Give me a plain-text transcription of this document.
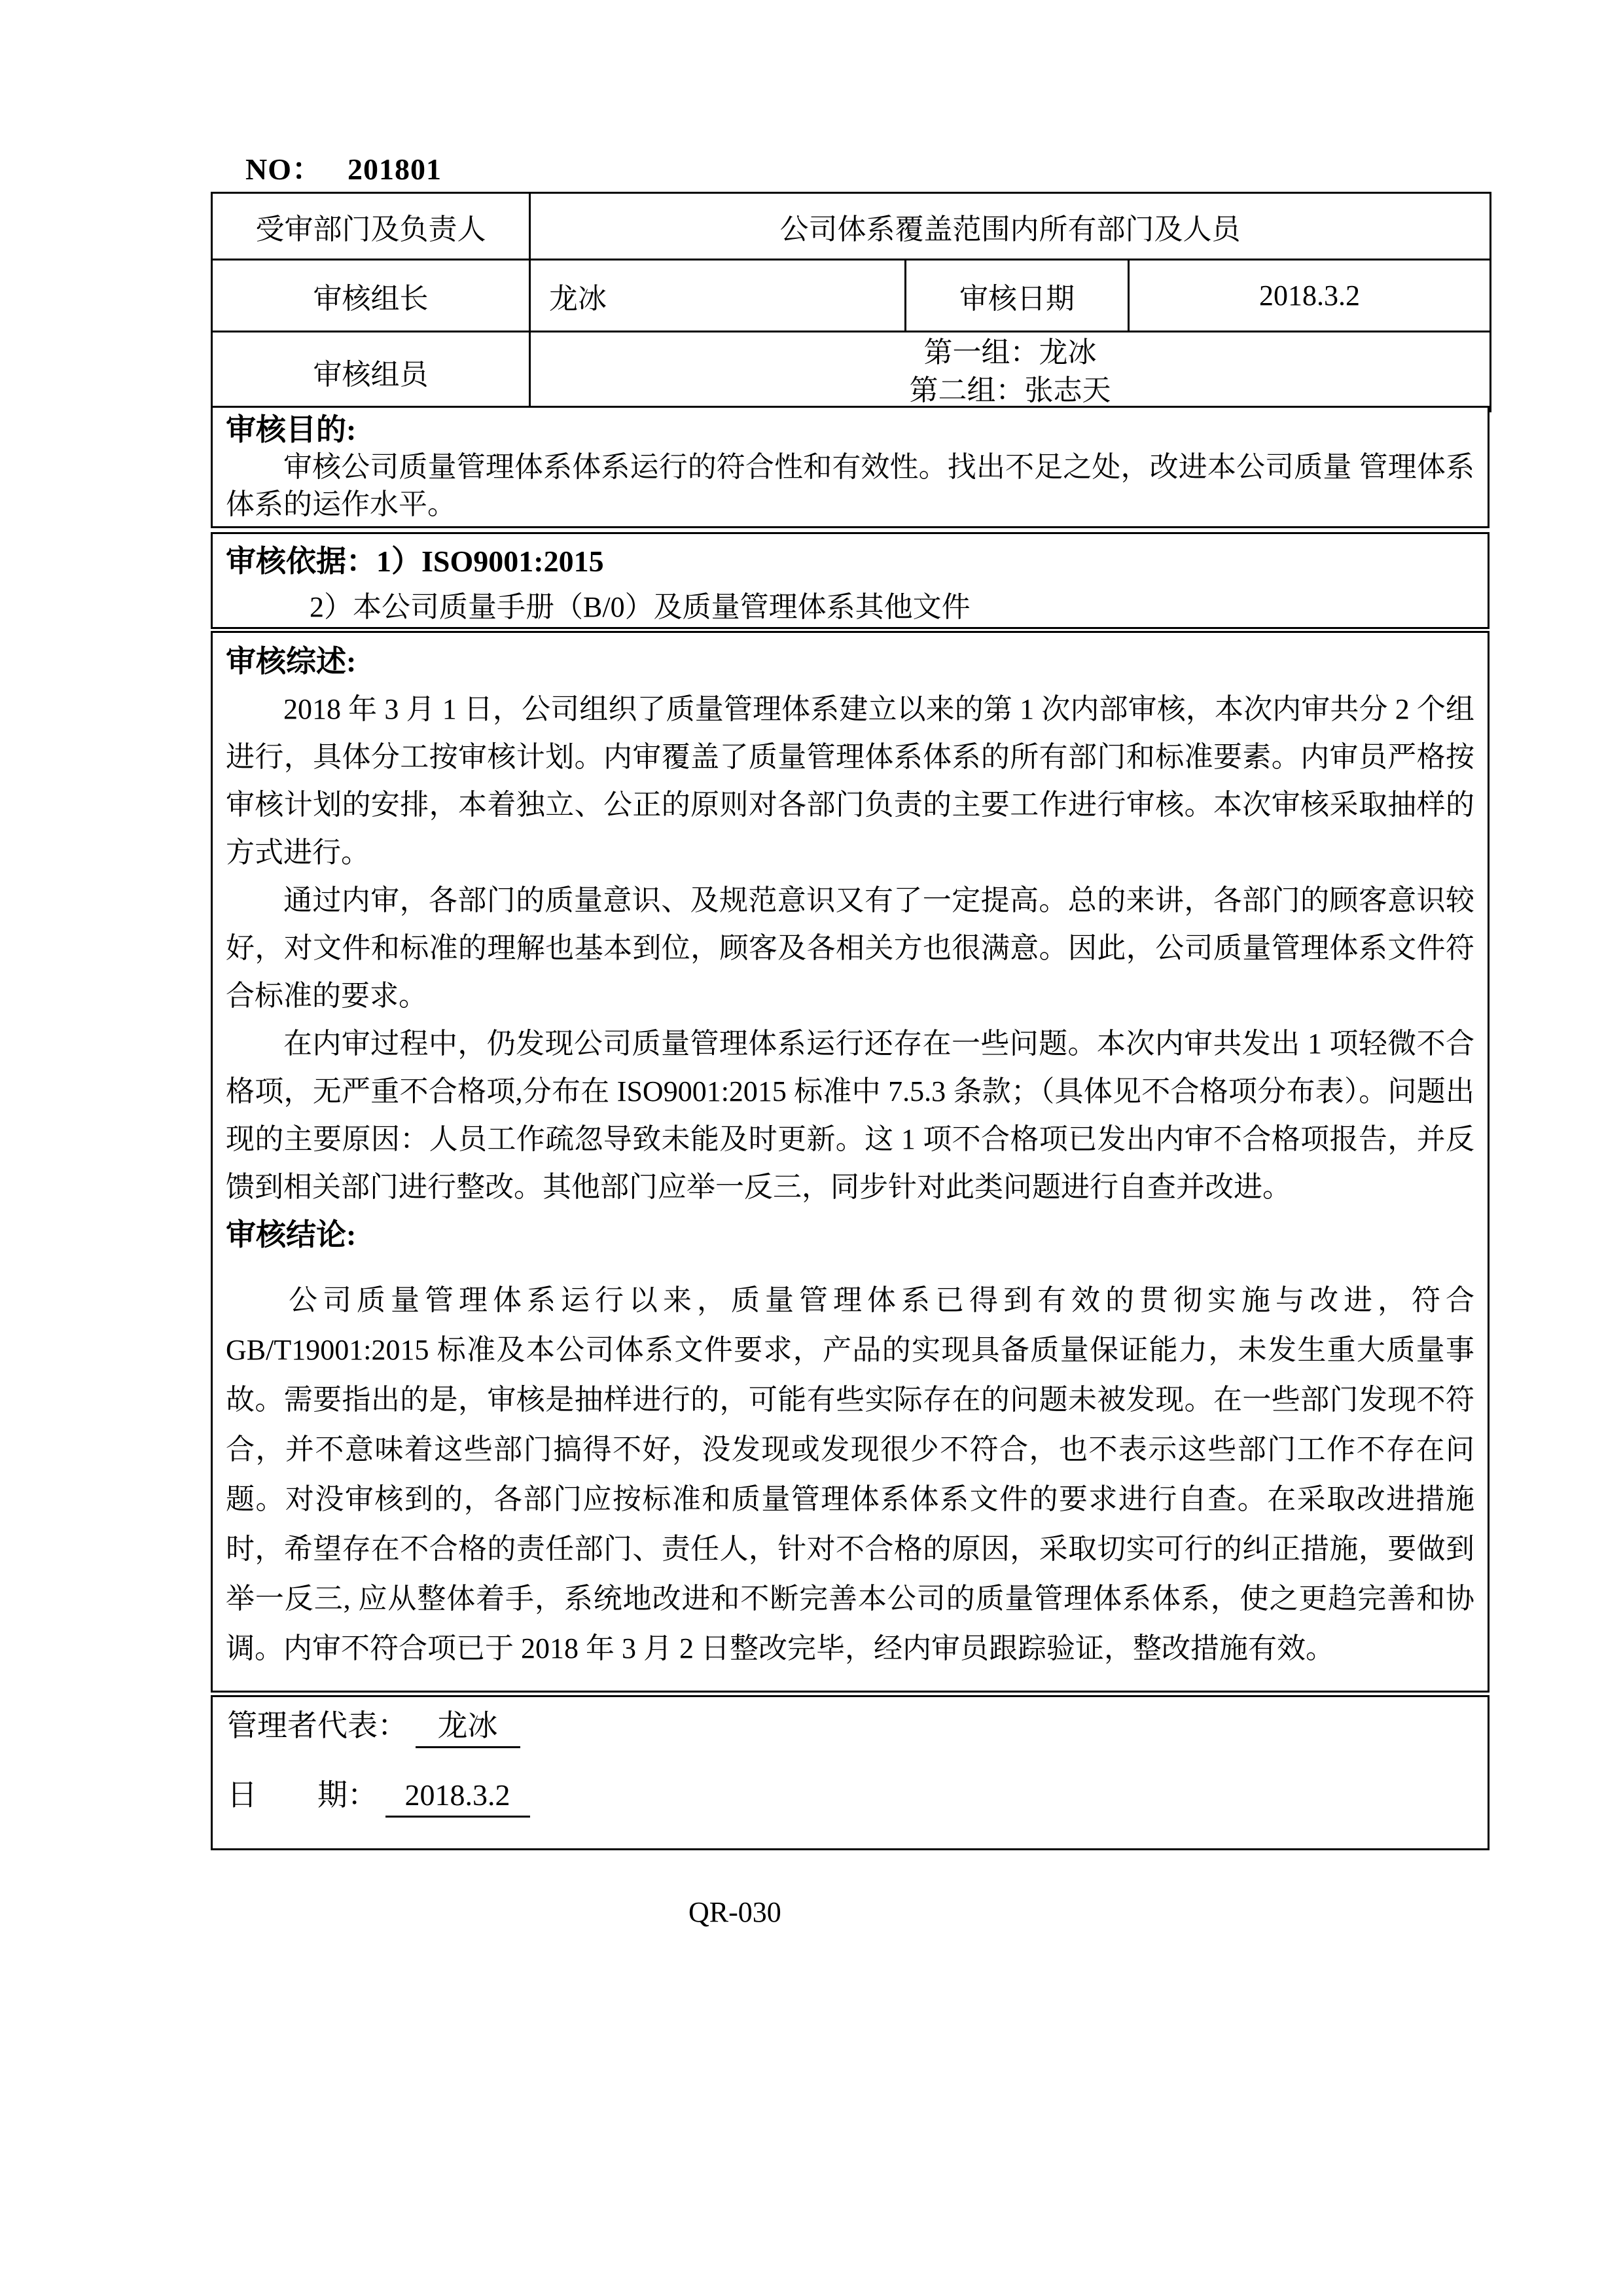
NO： 201801
受审部门及负责人	公司体系覆盖范围内所有部门及人员		
审核组长	龙冰	审核日期	2018.3.2
审核组员	第一组：龙冰
第二组：张志天		
审核目的:

审核公司质量管理体系体系运行的符合性和有效性。找出不足之处，改进本公司质量 管理体系体系的运作水平。

审核依据：1）ISO9001:2015

2）本公司质量手册（B/0）及质量管理体系其他文件

审核综述:

2018 年 3 月 1 日，公司组织了质量管理体系建立以来的第 1 次内部审核，本次内审共分 2 个组进行，具体分工按审核计划。内审覆盖了质量管理体系体系的所有部门和标准要素。内审员严格按审核计划的安排，本着独立、公正的原则对各部门负责的主要工作进行审核。本次审核采取抽样的方式进行。

通过内审，各部门的质量意识、及规范意识又有了一定提高。总的来讲，各部门的顾客意识较好，对文件和标准的理解也基本到位，顾客及各相关方也很满意。因此，公司质量管理体系文件符合标准的要求。

在内审过程中，仍发现公司质量管理体系运行还存在一些问题。本次内审共发出 1 项轻微不合格项，无严重不合格项,分布在 ISO9001:2015 标准中 7.5.3 条款；（具体见不合格项分布表）。问题出现的主要原因：人员工作疏忽导致未能及时更新。这 1 项不合格项已发出内审不合格项报告，并反馈到相关部门进行整改。其他部门应举一反三，同步针对此类问题进行自查并改进。

审核结论:

公司质量管理体系运行以来，质量管理体系已得到有效的贯彻实施与改进，符合 GB/T19001:2015 标准及本公司体系文件要求，产品的实现具备质量保证能力，未发生重大质量事故。需要指出的是，审核是抽样进行的，可能有些实际存在的问题未被发现。在一些部门发现不符合，并不意味着这些部门搞得不好，没发现或发现很少不符合，也不表示这些部门工作不存在问题。对没审核到的，各部门应按标准和质量管理体系体系文件的要求进行自查。在采取改进措施时，希望存在不合格的责任部门、责任人，针对不合格的原因，采取切实可行的纠正措施，要做到举一反三, 应从整体着手，系统地改进和不断完善本公司的质量管理体系体系，使之更趋完善和协调。内审不符合项已于 2018 年 3 月 2 日整改完毕，经内审员跟踪验证，整改措施有效。

管理者代表： 龙冰

日　　期： 2018.3.2

QR-030
